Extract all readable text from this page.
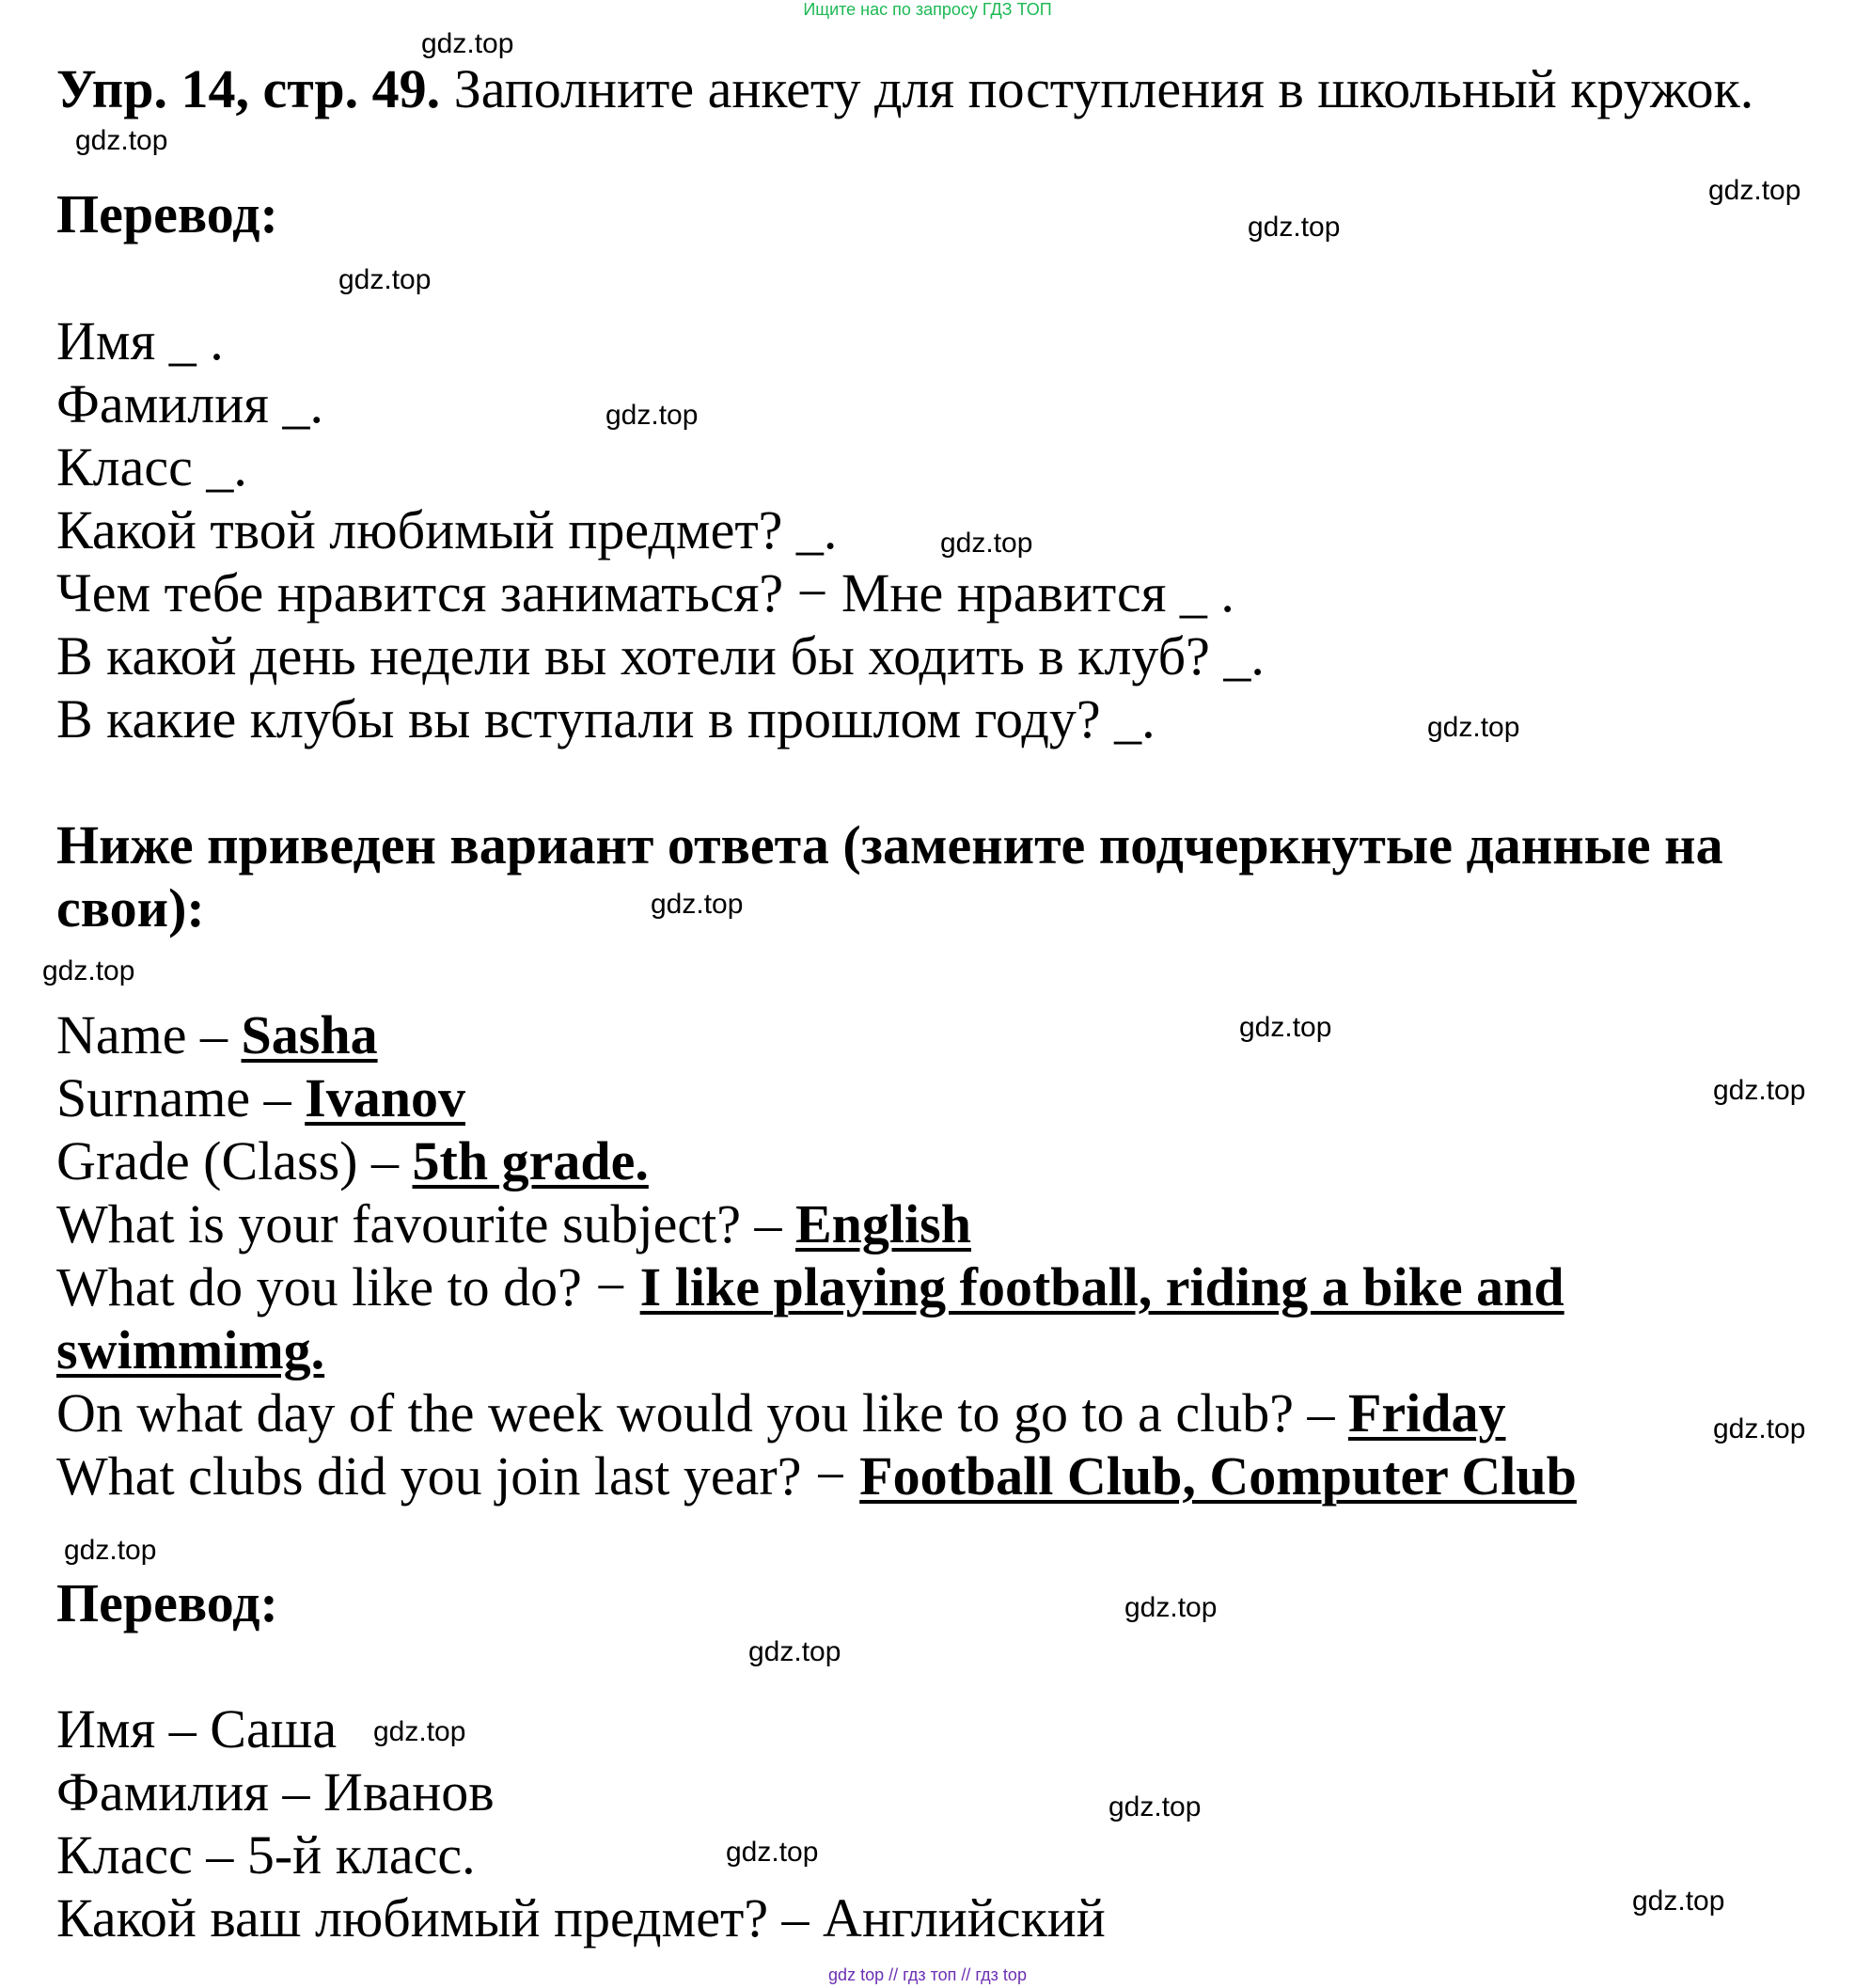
Ищите нас по запросу ГДЗ ТОП
Упр. 14, стр. 49. Заполните анкету для поступления в школьный кружок.
Перевод:
Имя _ .
Фамилия _.
Класс _.
Какой твой любимый предмет? _.
Чем тебе нравится заниматься? − Мне нравится _ .
В какой день недели вы хотели бы ходить в клуб? _.
В какие клубы вы вступали в прошлом году? _.
Ниже приведен вариант ответа (замените подчеркнутые данные на
свои):
Name – Sasha
Surname – Ivanov
Grade (Class) – 5th grade.
What is your favourite subject? – English
What do you like to do? − I like playing football, riding a bike and
swimmimg.
On what day of the week would you like to go to a club? – Friday
What clubs did you join last year? − Football Club, Computer Club
Перевод:
Имя – Саша
Фамилия – Иванов
Класс – 5-й класс.
Какой ваш любимый предмет? – Английский
gdz.top
gdz.top
gdz.top
gdz.top
gdz.top
gdz.top
gdz.top
gdz.top
gdz.top
gdz.top
gdz.top
gdz.top
gdz.top
gdz.top
gdz.top
gdz.top
gdz.top
gdz.top
gdz.top
gdz.top
gdz top // гдз топ // гдз top
